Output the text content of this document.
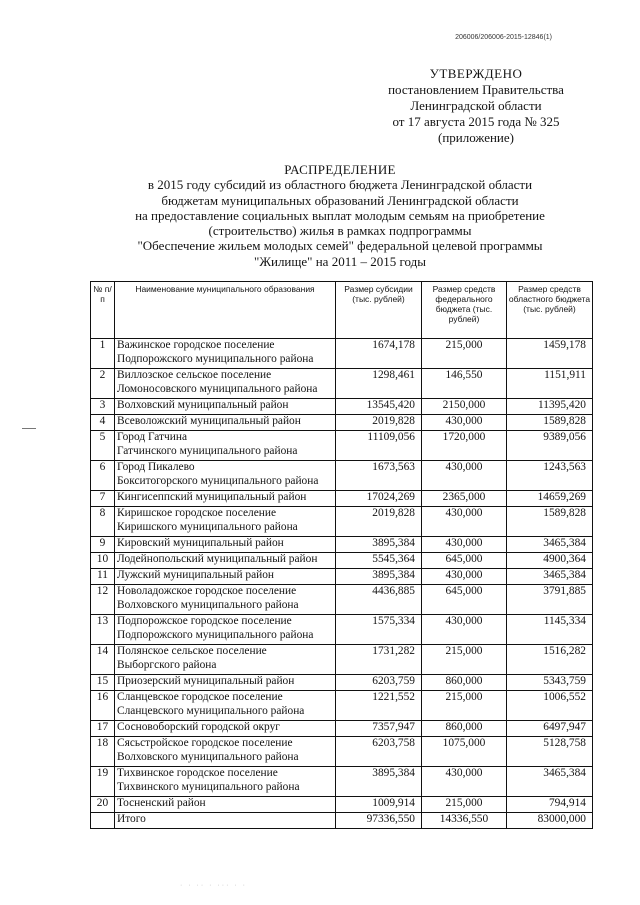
206006/206006-2015-12846(1)
УТВЕРЖДЕНО
постановлением Правительства
Ленинградской области
от 17 августа 2015 года № 325
(приложение)
РАСПРЕДЕЛЕНИЕ
в 2015 году субсидий из областного бюджета Ленинградской области
бюджетам муниципальных образований Ленинградской области
на предоставление социальных выплат молодым семьям на приобретение
(строительство) жилья в рамках подпрограммы
"Обеспечение жильем молодых семей" федеральной целевой программы
"Жилище" на 2011 – 2015 годы
№ п/п	Наименование муниципального образования	Размер субсидии (тыс. рублей)	Размер средств федерального бюджета (тыс. рублей)	Размер средств областного бюджета (тыс. рублей)
1	Важинское городское поселение
Подпорожского муниципального района	1674,178	215,000	1459,178
2	Виллозское сельское поселение
Ломоносовского муниципального района	1298,461	146,550	1151,911
3	Волховский муниципальный район	13545,420	2150,000	11395,420
4	Всеволожский муниципальный район	2019,828	430,000	1589,828
5	Город Гатчина
Гатчинского муниципального района	11109,056	1720,000	9389,056
6	Город Пикалево
Бокситогорского муниципального района	1673,563	430,000	1243,563
7	Кингисеппский муниципальный район	17024,269	2365,000	14659,269
8	Киришское городское поселение
Киришского муниципального района	2019,828	430,000	1589,828
9	Кировский муниципальный район	3895,384	430,000	3465,384
10	Лодейнопольский муниципальный район	5545,364	645,000	4900,364
11	Лужский муниципальный район	3895,384	430,000	3465,384
12	Новоладожское городское поселение
Волховского муниципального района	4436,885	645,000	3791,885
13	Подпорожское городское поселение
Подпорожского муниципального района	1575,334	430,000	1145,334
14	Полянское сельское поселение
Выборгского района	1731,282	215,000	1516,282
15	Приозерский муниципальный район	6203,759	860,000	5343,759
16	Сланцевское городское поселение
Сланцевского муниципального района	1221,552	215,000	1006,552
17	Сосновоборский городской округ	7357,947	860,000	6497,947
18	Сясьстройское городское поселение
Волховского муниципального района	6203,758	1075,000	5128,758
19	Тихвинское городское поселение
Тихвинского муниципального района	3895,384	430,000	3465,384
20	Тосненский район	1009,914	215,000	794,914
	Итого	97336,550	14336,550	83000,000
· · ·· · ··· · ·
